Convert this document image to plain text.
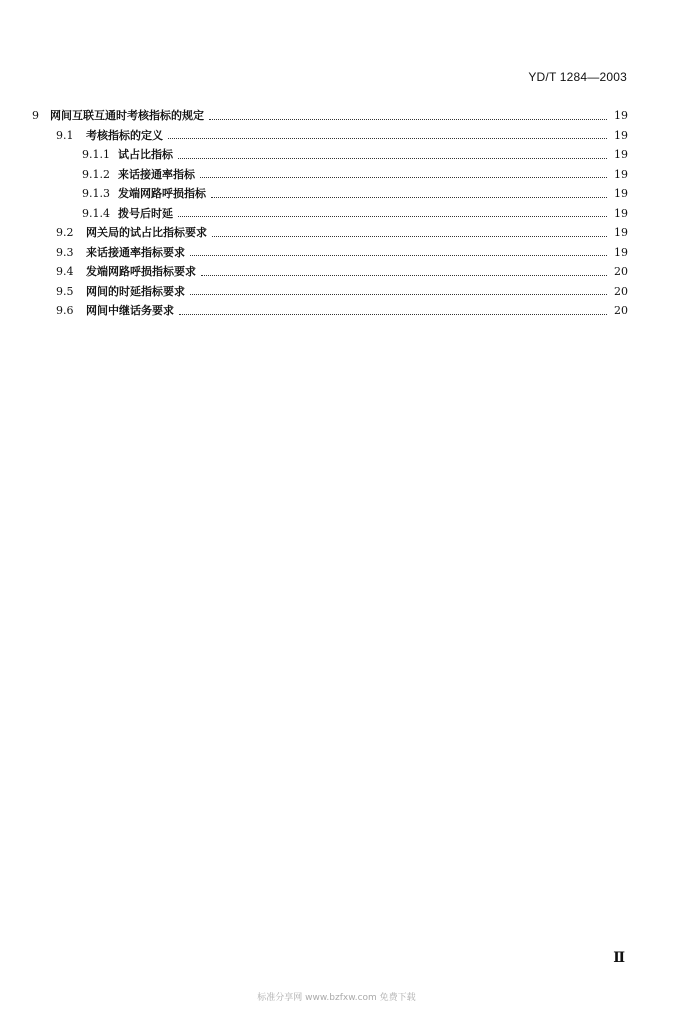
YD/T 1284—2003
9	网间互联互通时考核指标的规定	19
9.1	考核指标的定义	19
9.1.1 试占比指标	19
9.1.2 来话接通率指标	19
9.1.3 发端网路呼损指标	19
9.1.4 拨号后时延	19
9.2	网关局的试占比指标要求	19
9.3	来话接通率指标要求	19
9.4	发端网路呼损指标要求	20
9.5	网间的时延指标要求	20
9.6	网间中继话务要求	20
Ⅱ
标准分享网 www.bzfxw.com 免费下载
